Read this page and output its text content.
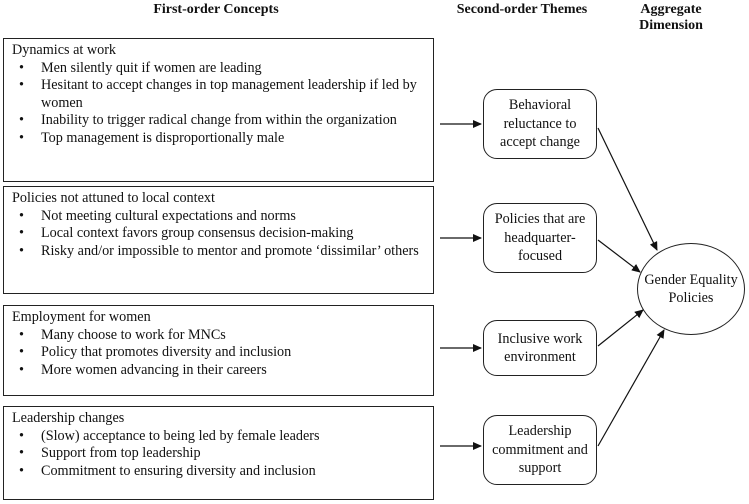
First-order Concepts	Second-order Themes	Aggregate Dimension
Dynamics at work
• Men silently quit if women are leading
• Hesitant to accept changes in top management leadership if led by women
• Inability to trigger radical change from within the organization
• Top management is disproportionally male
Policies not attuned to local context
• Not meeting cultural expectations and norms
• Local context favors group consensus decision-making
• Risky and/or impossible to mentor and promote ‘dissimilar’ others
Employment for women
• Many choose to work for MNCs
• Policy that promotes diversity and inclusion
• More women advancing in their careers
Leadership changes
• (Slow) acceptance to being led by female leaders
• Support from top leadership
• Commitment to ensuring diversity and inclusion
Behavioral reluctance to accept change
Policies that are headquarter-focused
Inclusive work environment
Leadership commitment and support
Gender Equality Policies
